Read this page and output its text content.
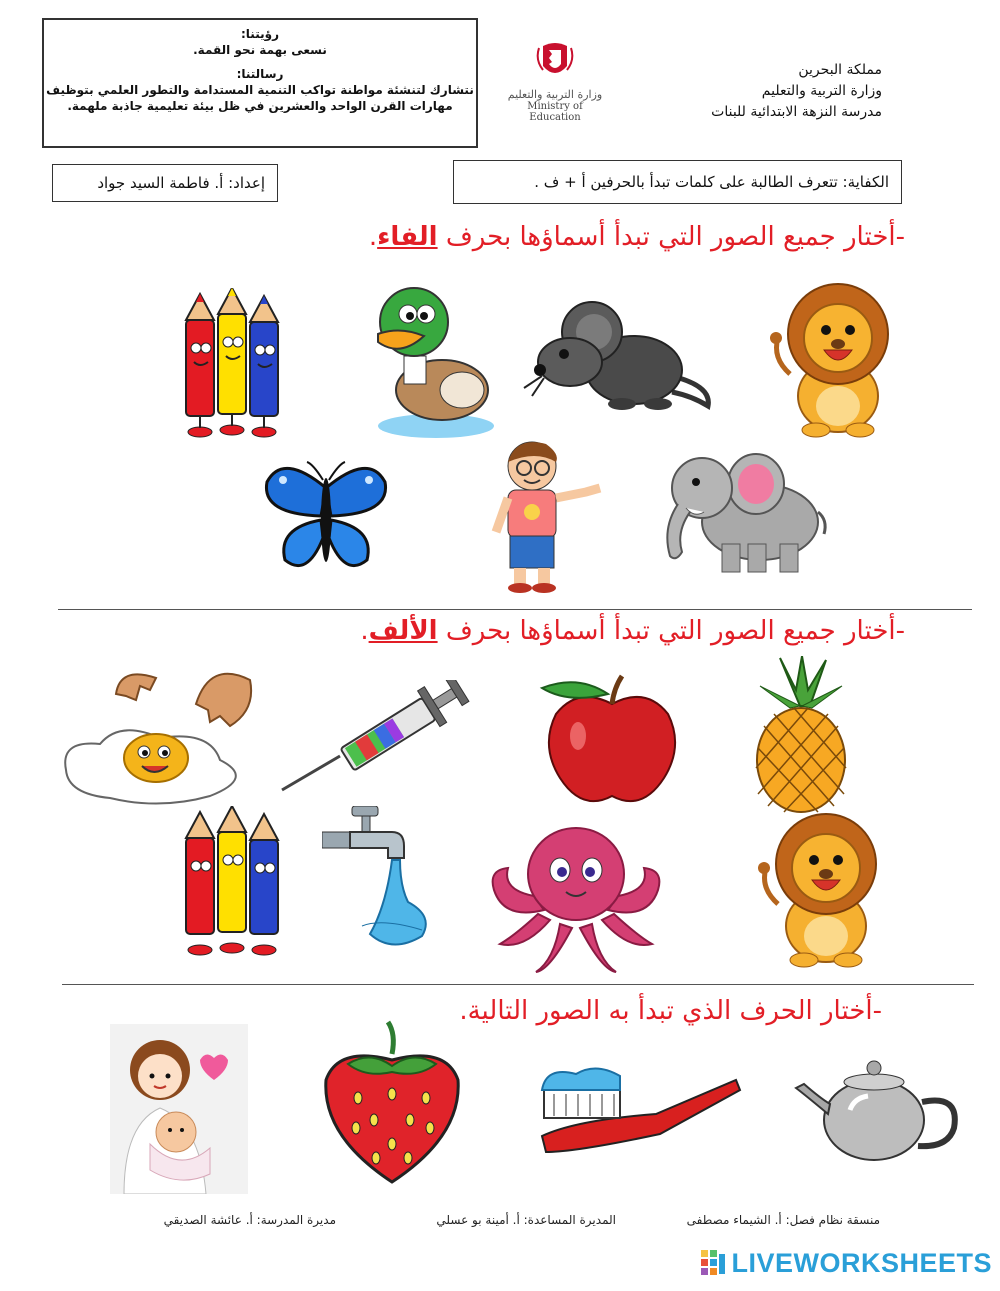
رؤيتنا:
نسعى بهمة نحو القمة.
رسالتنا:
نتشارك لتنشئة مواطنة تواكب التنمية المستدامة والتطور العلمي بتوظيف
مهارات القرن الواحد والعشرين في ظل بيئة تعليمية جاذبة ملهمة.
وزارة التربية والتعليم
Ministry of Education
مملكة البحرين
وزارة التربية والتعليم
مدرسة النزهة الابتدائية للبنات
الكفاية: تتعرف الطالبة على كلمات تبدأ بالحرفين أ + ف .
إعداد: أ. فاطمة السيد جواد
-أختار جميع الصور التي تبدأ أسماؤها بحرف الفاء.
-أختار جميع الصور التي تبدأ أسماؤها بحرف الألف.
-أختار الحرف الذي تبدأ به الصور التالية.
منسقة نظام فصل: أ. الشيماء مصطفى
المديرة المساعدة: أ. أمينة بو عسلي
مديرة المدرسة: أ. عائشة الصديقي
LIVEWORKSHEETS
